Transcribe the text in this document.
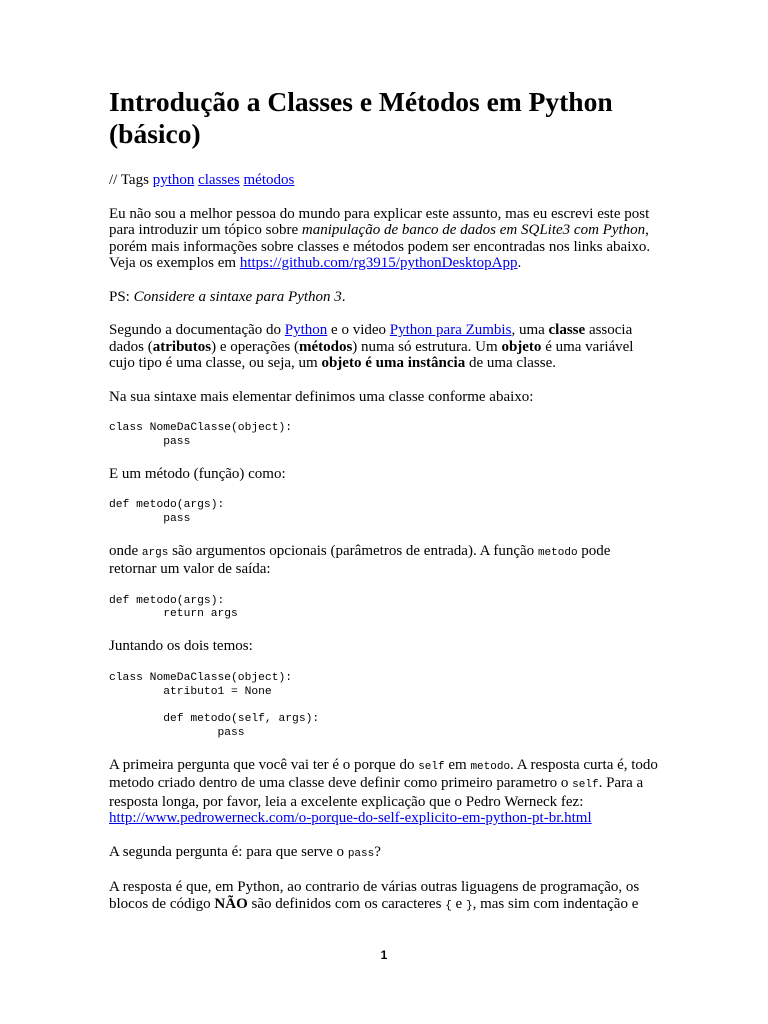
Introdução a Classes e Métodos em Python (básico)

// Tags python classes métodos

Eu não sou a melhor pessoa do mundo para explicar este assunto, mas eu escrevi este post para introduzir um tópico sobre manipulação de banco de dados em SQLite3 com Python, porém mais informações sobre classes e métodos podem ser encontradas nos links abaixo. Veja os exemplos em https://github.com/rg3915/pythonDesktopApp.

PS: Considere a sintaxe para Python 3.

Segundo a documentação do Python e o video Python para Zumbis, uma classe associa dados (atributos) e operações (métodos) numa só estrutura. Um objeto é uma variável cujo tipo é uma classe, ou seja, um objeto é uma instância de uma classe.

Na sua sintaxe mais elementar definimos uma classe conforme abaixo:

class NomeDaClasse(object):
pass

E um método (função) como:

def metodo(args):
pass

onde args são argumentos opcionais (parâmetros de entrada). A função metodo pode retornar um valor de saída:

def metodo(args):
return args

Juntando os dois temos:

class NomeDaClasse(object):
atributo1 = None

def metodo(self, args):
pass

A primeira pergunta que você vai ter é o porque do self em metodo. A resposta curta é, todo metodo criado dentro de uma classe deve definir como primeiro parametro o self. Para a resposta longa, por favor, leia a excelente explicação que o Pedro Werneck fez: http://www.pedrowerneck.com/o-porque-do-self-explicito-em-python-pt-br.html

A segunda pergunta é: para que serve o pass?

A resposta é que, em Python, ao contrario de várias outras liguagens de programação, os blocos de código NÃO são definidos com os caracteres { e }, mas sim com indentação e

1
